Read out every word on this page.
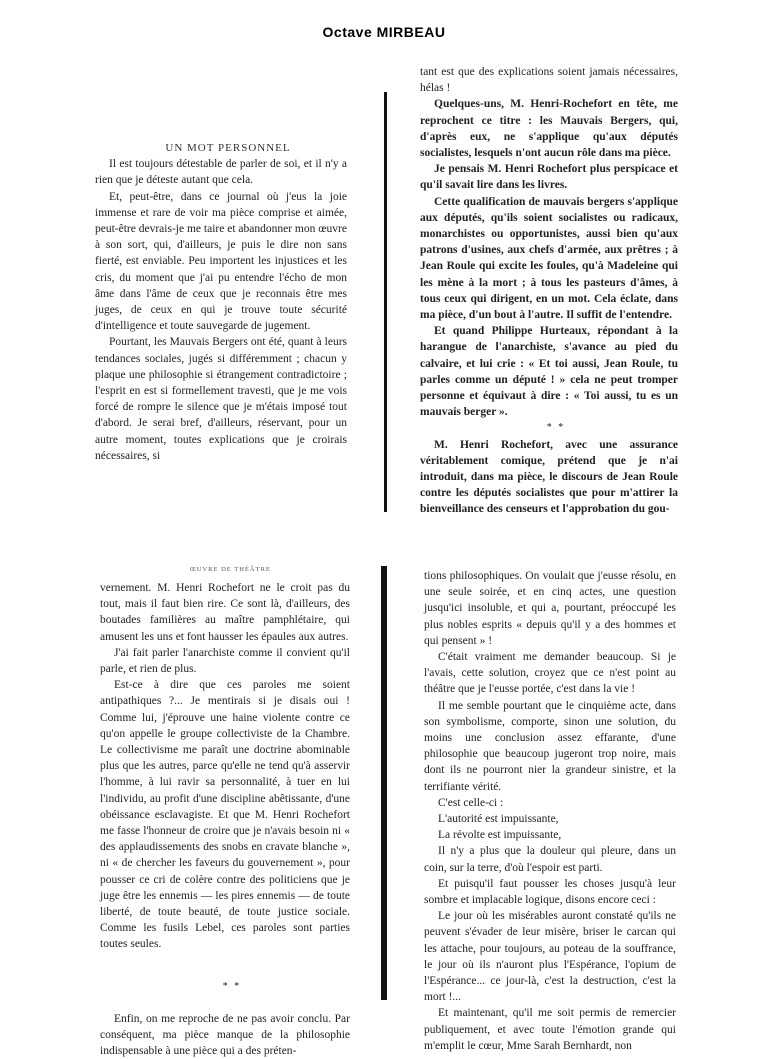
Octave MIRBEAU

UN MOT PERSONNEL

Il est toujours détestable de parler de soi, et il n'y a rien que je déteste autant que cela.

Et, peut-être, dans ce journal où j'eus la joie immense et rare de voir ma pièce comprise et aimée, peut-être devrais-je me taire et abandonner mon œuvre à son sort, qui, d'ailleurs, je puis le dire non sans fierté, est enviable. Peu importent les injustices et les cris, du moment que j'ai pu entendre l'écho de mon âme dans l'âme de ceux que je reconnais être mes juges, de ceux en qui je trouve toute sécurité d'intelligence et toute sauvegarde de jugement.

Pourtant, les Mauvais Bergers ont été, quant à leurs tendances sociales, jugés si différemment ; chacun y plaque une philosophie si étrangement contradictoire ; l'esprit en est si formellement travesti, que je me vois forcé de rompre le silence que je m'étais imposé tout d'abord. Je serai bref, d'ailleurs, réservant, pour un autre moment, toutes explications que je croirais nécessaires, si

tant est que des explications soient jamais nécessaires, hélas !

Quelques-uns, M. Henri-Rochefort en tête, me reprochent ce titre : les Mauvais Bergers, qui, d'après eux, ne s'applique qu'aux députés socialistes, lesquels n'ont aucun rôle dans ma pièce.

Je pensais M. Henri Rochefort plus perspicace et qu'il savait lire dans les livres.

Cette qualification de mauvais bergers s'applique aux députés, qu'ils soient socialistes ou radicaux, monarchistes ou opportunistes, aussi bien qu'aux patrons d'usines, aux chefs d'armée, aux prêtres ; à Jean Roule qui excite les foules, qu'à Madeleine qui les mène à la mort ; à tous les pasteurs d'âmes, à tous ceux qui dirigent, en un mot. Cela éclate, dans ma pièce, d'un bout à l'autre. Il suffit de l'entendre.

Et quand Philippe Hurteaux, répondant à la harangue de l'anarchiste, s'avance au pied du calvaire, et lui crie : « Et toi aussi, Jean Roule, tu parles comme un député ! » cela ne peut tromper personne et équivaut à dire : « Toi aussi, tu es un mauvais berger ».

* *

M. Henri Rochefort, avec une assurance véritablement comique, prétend que je n'ai introduit, dans ma pièce, le discours de Jean Roule contre les députés socialistes que pour m'attirer la bienveillance des censeurs et l'approbation du gou-

ŒUVRE DE THÉÂTRE

vernement. M. Henri Rochefort ne le croit pas du tout, mais il faut bien rire. Ce sont là, d'ailleurs, des boutades familières au maître pamphlétaire, qui amusent les uns et font hausser les épaules aux autres.

J'ai fait parler l'anarchiste comme il convient qu'il parle, et rien de plus.

Est-ce à dire que ces paroles me soient antipathiques ?... Je mentirais si je disais oui ! Comme lui, j'éprouve une haine violente contre ce qu'on appelle le groupe collectiviste de la Chambre. Le collectivisme me paraît une doctrine abominable plus que les autres, parce qu'elle ne tend qu'à asservir l'homme, à lui ravir sa personnalité, à tuer en lui l'individu, au profit d'une discipline abêtissante, d'une obéissance esclavagiste. Et que M. Henri Rochefort me fasse l'honneur de croire que je n'avais besoin ni « des applaudissements des snobs en cravate blanche », ni « de chercher les faveurs du gouvernement », pour pousser ce cri de colère contre des politiciens que je juge être les ennemis — les pires ennemis — de toute liberté, de toute beauté, de toute justice sociale. Comme les fusils Lebel, ces paroles sont parties toutes seules.

* *

Enfin, on me reproche de ne pas avoir conclu. Par conséquent, ma pièce manque de la philosophie indispensable à une pièce qui a des préten-

tions philosophiques. On voulait que j'eusse résolu, en une seule soirée, et en cinq actes, une question jusqu'ici insoluble, et qui a, pourtant, préoccupé les plus nobles esprits « depuis qu'il y a des hommes et qui pensent » !

C'était vraiment me demander beaucoup. Si je l'avais, cette solution, croyez que ce n'est point au théâtre que je l'eusse portée, c'est dans la vie !

Il me semble pourtant que le cinquième acte, dans son symbolisme, comporte, sinon une solution, du moins une conclusion assez effarante, d'une philosophie que beaucoup jugeront trop noire, mais dont ils ne pourront nier la grandeur sinistre, et la terrifiante vérité.

C'est celle-ci :

L'autorité est impuissante,

La révolte est impuissante,

Il n'y a plus que la douleur qui pleure, dans un coin, sur la terre, d'où l'espoir est parti.

Et puisqu'il faut pousser les choses jusqu'à leur sombre et implacable logique, disons encore ceci :

Le jour où les misérables auront constaté qu'ils ne peuvent s'évader de leur misère, briser le carcan qui les attache, pour toujours, au poteau de la souffrance, le jour où ils n'auront plus l'Espérance, l'opium de l'Espérance... ce jour-là, c'est la destruction, c'est la mort !...

Et maintenant, qu'il me soit permis de remercier publiquement, et avec toute l'émotion grande qui m'emplit le cœur, Mme Sarah Bernhardt, non
